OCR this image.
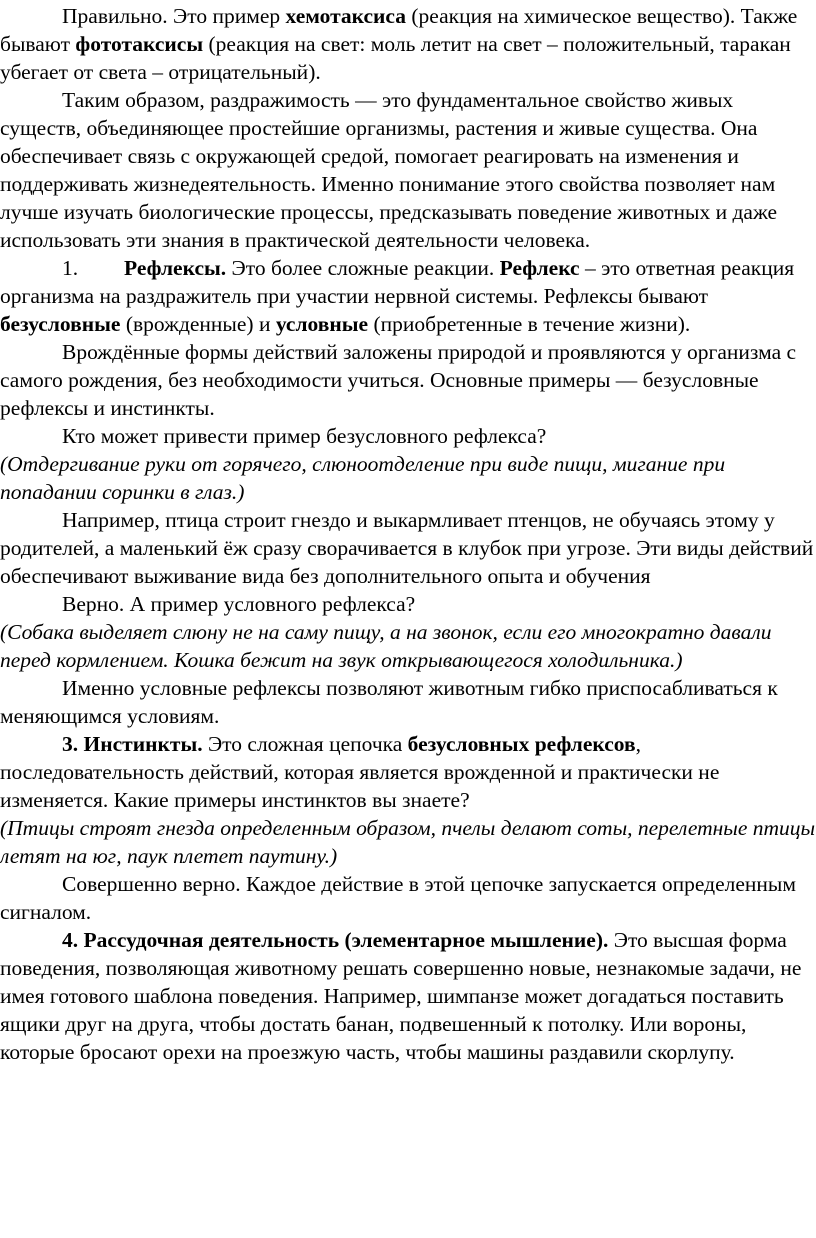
Правильно. Это пример хемотаксиса (реакция на химическое вещество). Также бывают фототаксисы (реакция на свет: моль летит на свет – положительный, таракан убегает от света – отрицательный).

Таким образом, раздражимость — это фундаментальное свойство живых существ, объединяющее простейшие организмы, растения и живые существа. Она обеспечивает связь с окружающей средой, помогает реагировать на изменения и поддерживать жизнедеятельность. Именно понимание этого свойства позволяет нам лучше изучать биологические процессы, предсказывать поведение животных и даже использовать эти знания в практической деятельности человека.

1. Рефлексы. Это более сложные реакции. Рефлекс – это ответная реакция организма на раздражитель при участии нервной системы. Рефлексы бывают безусловные (врожденные) и условные (приобретенные в течение жизни).

Врождённые формы действий заложены природой и проявляются у организма с самого рождения, без необходимости учиться. Основные примеры — безусловные рефлексы и инстинкты.

Кто может привести пример безусловного рефлекса?

(Отдергивание руки от горячего, слюноотделение при виде пищи, мигание при попадании соринки в глаз.)

Например, птица строит гнездо и выкармливает птенцов, не обучаясь этому у родителей, а маленький ёж сразу сворачивается в клубок при угрозе. Эти виды действий обеспечивают выживание вида без дополнительного опыта и обучения

Верно. А пример условного рефлекса?

(Собака выделяет слюну не на саму пищу, а на звонок, если его многократно давали перед кормлением. Кошка бежит на звук открывающегося холодильника.)

Именно условные рефлексы позволяют животным гибко приспосабливаться к меняющимся условиям.

3. Инстинкты. Это сложная цепочка безусловных рефлексов, последовательность действий, которая является врожденной и практически не изменяется. Какие примеры инстинктов вы знаете?

(Птицы строят гнезда определенным образом, пчелы делают соты, перелетные птицы летят на юг, паук плетет паутину.)

Совершенно верно. Каждое действие в этой цепочке запускается определенным сигналом.

4. Рассудочная деятельность (элементарное мышление). Это высшая форма поведения, позволяющая животному решать совершенно новые, незнакомые задачи, не имея готового шаблона поведения. Например, шимпанзе может догадаться поставить ящики друг на друга, чтобы достать банан, подвешенный к потолку. Или вороны, которые бросают орехи на проезжую часть, чтобы машины раздавили скорлупу.
